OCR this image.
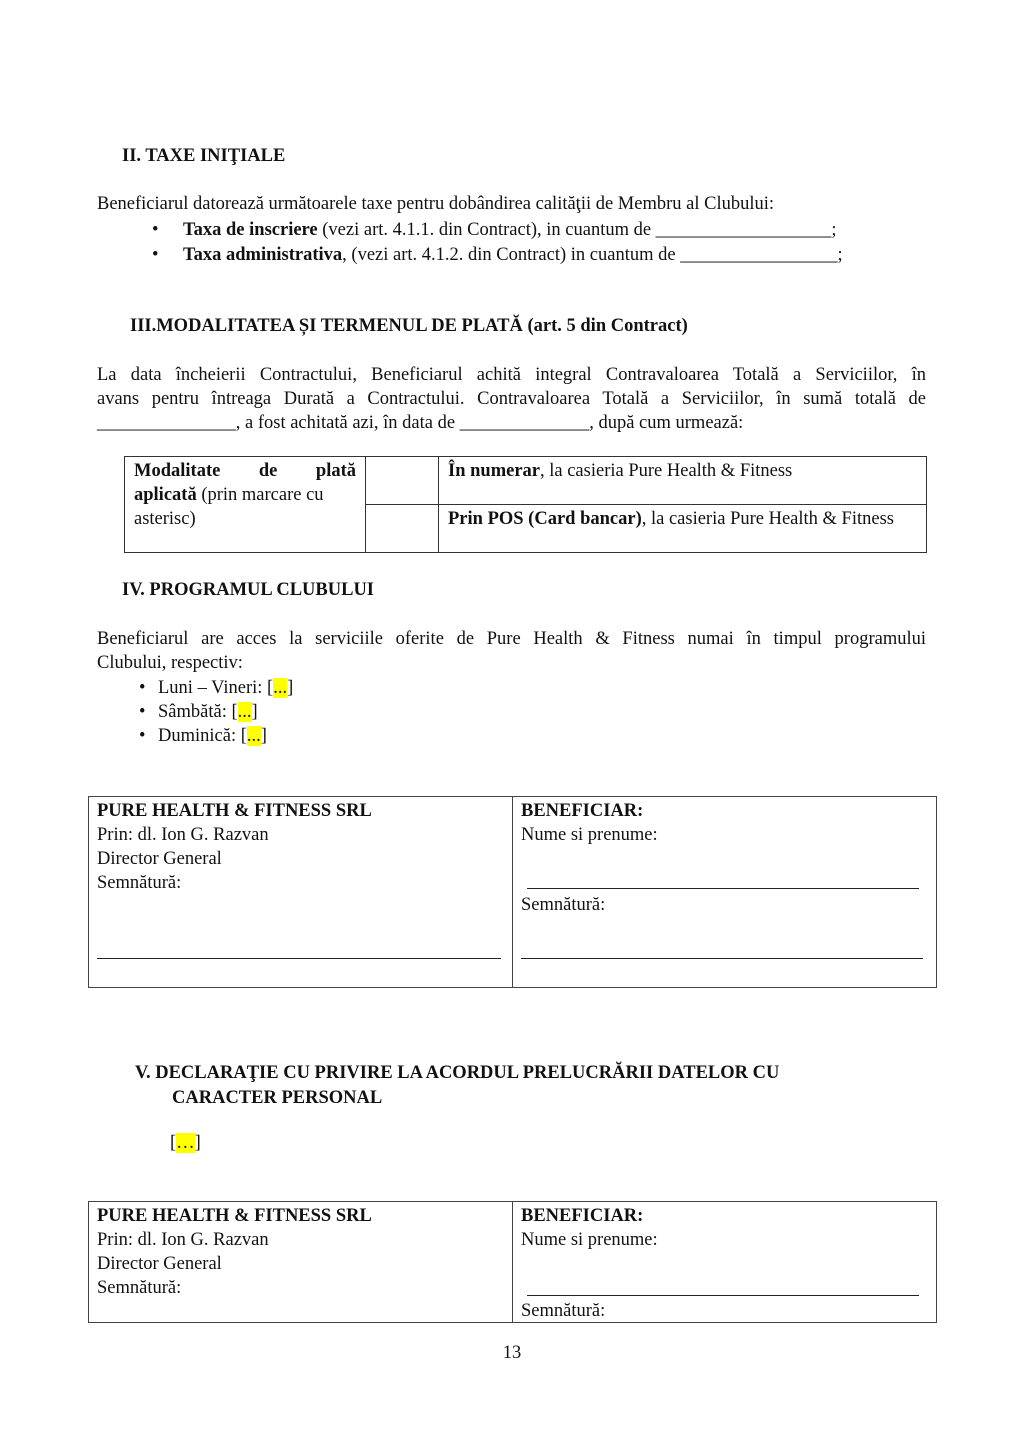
II. TAXE INIŢIALE
Beneficiarul datorează următoarele taxe pentru dobândirea calităţii de Membru al Clubului:
• Taxa de inscriere (vezi art. 4.1.1. din Contract), in cuantum de ___________________;
• Taxa administrativa, (vezi art. 4.1.2. din Contract) in cuantum de _________________;
III.MODALITATEA ȘI TERMENUL DE PLATĂ (art. 5 din Contract)
La data încheierii Contractului, Beneficiarul achită integral Contravaloarea Totală a Serviciilor, în
avans pentru întreaga Durată a Contractului. Contravaloarea Totală a Serviciilor, în sumă totală de
_______________, a fost achitată azi, în data de ______________, după cum urmează:
Modalitate de plată
aplicată (prin marcare cu asterisc)		În numerar, la casieria Pure Health & Fitness
		Prin POS (Card bancar), la casieria Pure Health & Fitness
IV. PROGRAMUL CLUBULUI
Beneficiarul are acces la serviciile oferite de Pure Health & Fitness numai în timpul programului
Clubului, respectiv:
• Luni – Vineri: [...]
• Sâmbătă: [...]
• Duminică: [...]
PURE HEALTH & FITNESS SRL
Prin: dl. Ion G. Razvan
Director General
Semnătură:
BENEFICIAR:
Nume si prenume:
Semnătură:
V. DECLARAŢIE CU PRIVIRE LA ACORDUL PRELUCRĂRII DATELOR CU
CARACTER PERSONAL
[…]
PURE HEALTH & FITNESS SRL
Prin: dl. Ion G. Razvan
Director General
Semnătură:
BENEFICIAR:
Nume si prenume:
Semnătură:
13
